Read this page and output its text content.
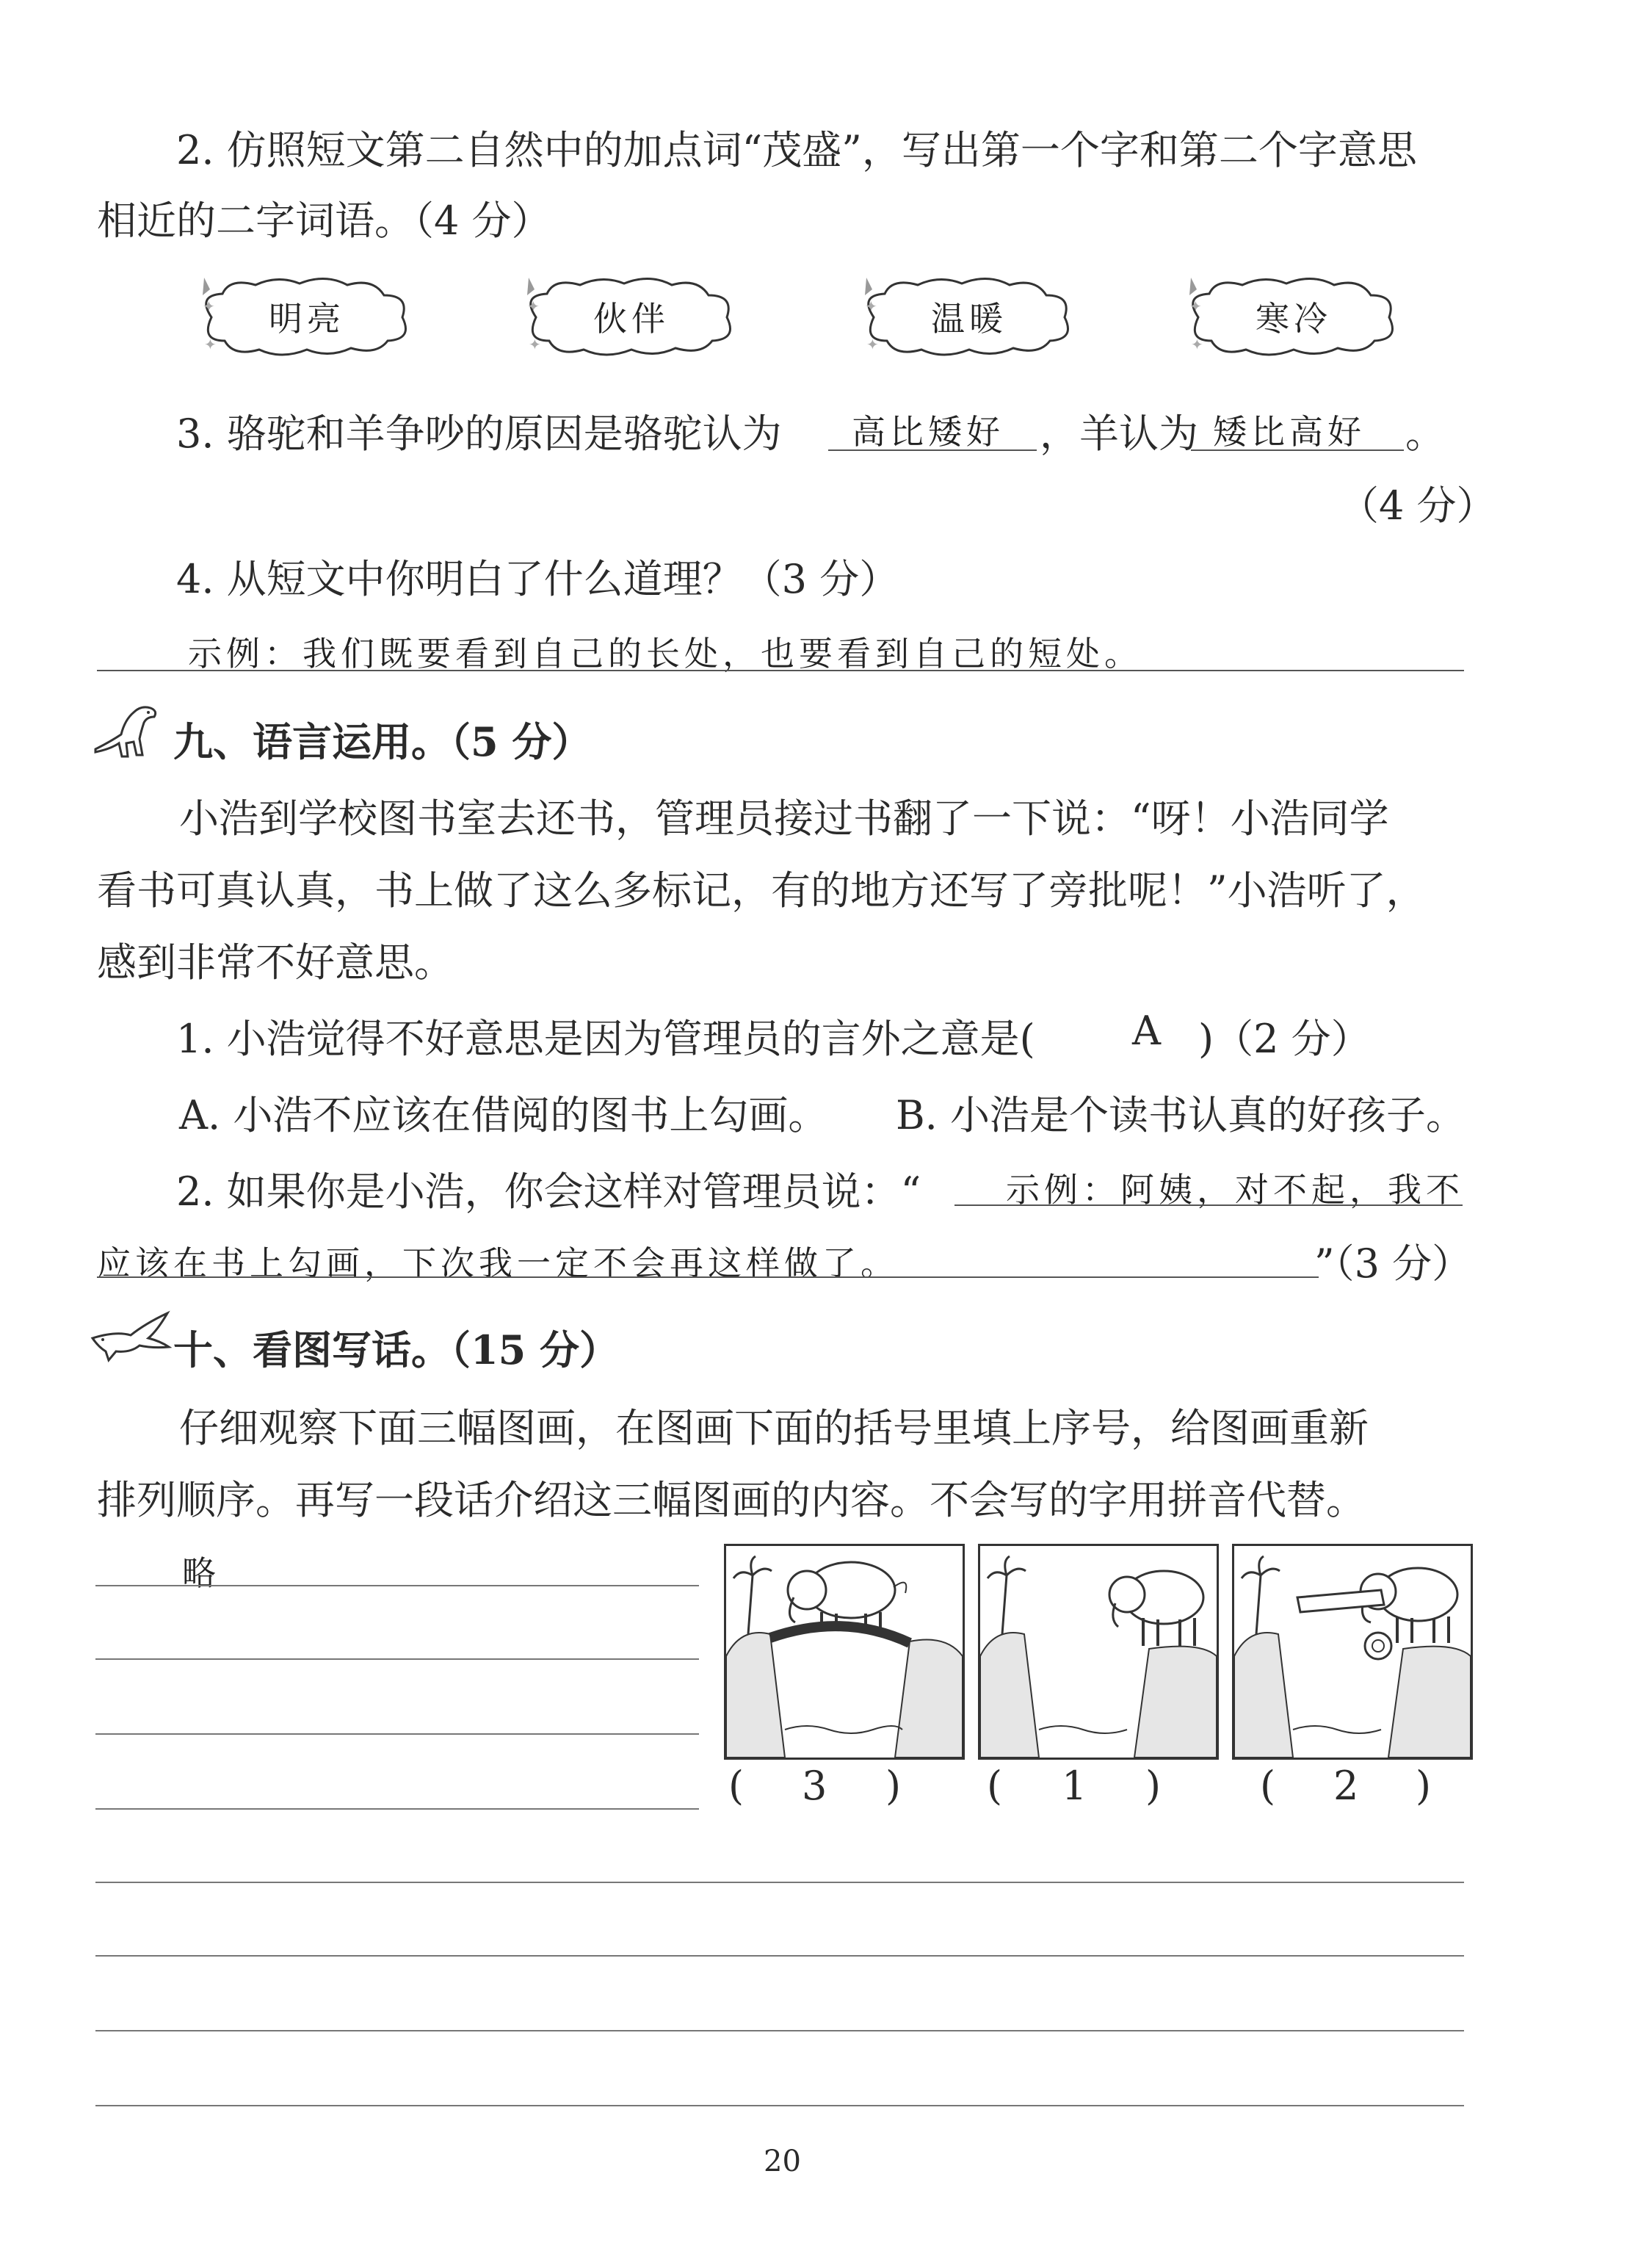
2. 仿照短文第二自然中的加点词“茂盛”，写出第一个字和第二个字意思
相近的二字词语。（4 分）
✦
✦
明亮	✦
✦
伙伴	✦
✦
温暖	✦
✦
寒冷
3. 骆驼和羊争吵的原因是骆驼认为 高比矮好 ，羊认为 矮比高好 。
（4 分）
4. 从短文中你明白了什么道理？（3 分）
示例：我们既要看到自己的长处，也要看到自己的短处。
九、语言运用。（5 分）
小浩到学校图书室去还书，管理员接过书翻了一下说：“呀！小浩同学
看书可真认真，书上做了这么多标记，有的地方还写了旁批呢！”小浩听了，
感到非常不好意思。
1. 小浩觉得不好意思是因为管理员的言外之意是( A )（2 分）
A. 小浩不应该在借阅的图书上勾画。 B. 小浩是个读书认真的好孩子。
2. 如果你是小浩，你会这样对管理员说：“	示例：阿姨，对不起，我不
应该在书上勾画，下次我一定不会再这样做了。	”（3 分）
十、看图写话。（15 分）
仔细观察下面三幅图画，在图画下面的括号里填上序号，给图画重新
排列顺序。再写一段话介绍这三幅图画的内容。不会写的字用拼音代替。
略
( 3 ) ( 1 ) ( 2 )
20
